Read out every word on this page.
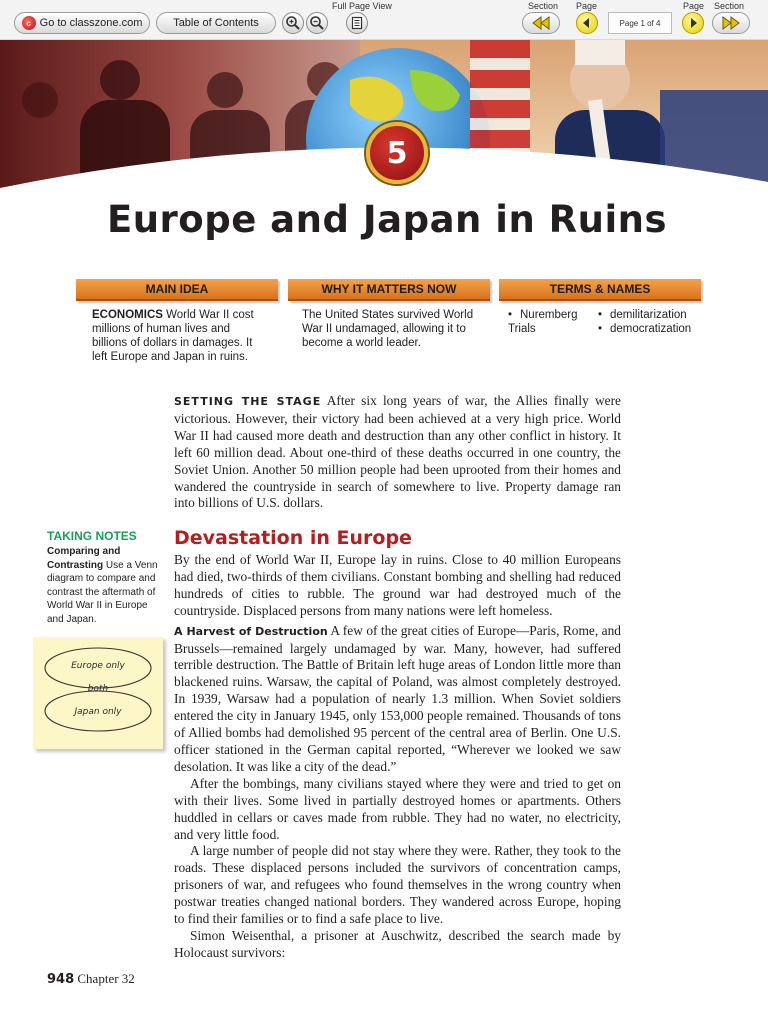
c Go to classzone.com	Table of Contents
Full Page View	Section Page
Page 1 of 4
Page Section
5
Europe and Japan in Ruins
MAIN IDEA	WHY IT MATTERS NOW	TERMS & NAMES
ECONOMICS World War II cost millions of human lives and billions of dollars in damages. It left Europe and Japan in ruins.
The United States survived World War II undamaged, allowing it to become a world leader.
• Nuremberg Trials
• demilitarization
• democratization

SETTING THE STAGE After six long years of war, the Allies finally were victorious. However, their victory had been achieved at a very high price. World War II had caused more death and destruction than any other conflict in history. It left 60 million dead. About one-third of these deaths occurred in one country, the Soviet Union. Another 50 million people had been uprooted from their homes and wandered the countryside in search of somewhere to live. Property damage ran into billions of U.S. dollars.

TAKING NOTES
Comparing and Contrasting Use a Venn diagram to compare and contrast the aftermath of World War II in Europe and Japan.
Europe only
both
Japan only
Devastation in Europe

By the end of World War II, Europe lay in ruins. Close to 40 million Europeans had died, two-thirds of them civilians. Constant bombing and shelling had reduced hundreds of cities to rubble. The ground war had destroyed much of the countryside. Displaced persons from many nations were left homeless.

A Harvest of Destruction A few of the great cities of Europe—Paris, Rome, and Brussels—remained largely undamaged by war. Many, however, had suffered terrible destruction. The Battle of Britain left huge areas of London little more than blackened ruins. Warsaw, the capital of Poland, was almost completely destroyed. In 1939, Warsaw had a population of nearly 1.3 million. When Soviet soldiers entered the city in January 1945, only 153,000 people remained. Thousands of tons of Allied bombs had demolished 95 percent of the central area of Berlin. One U.S. officer stationed in the German capital reported, “Wherever we looked we saw desolation. It was like a city of the dead.”

After the bombings, many civilians stayed where they were and tried to get on with their lives. Some lived in partially destroyed homes or apartments. Others huddled in cellars or caves made from rubble. They had no water, no electricity, and very little food.

A large number of people did not stay where they were. Rather, they took to the roads. These displaced persons included the survivors of concentration camps, prisoners of war, and refugees who found themselves in the wrong country when postwar treaties changed national borders. They wandered across Europe, hoping to find their families or to find a safe place to live.

Simon Weisenthal, a prisoner at Auschwitz, described the search made by Holocaust survivors:

948 Chapter 32
